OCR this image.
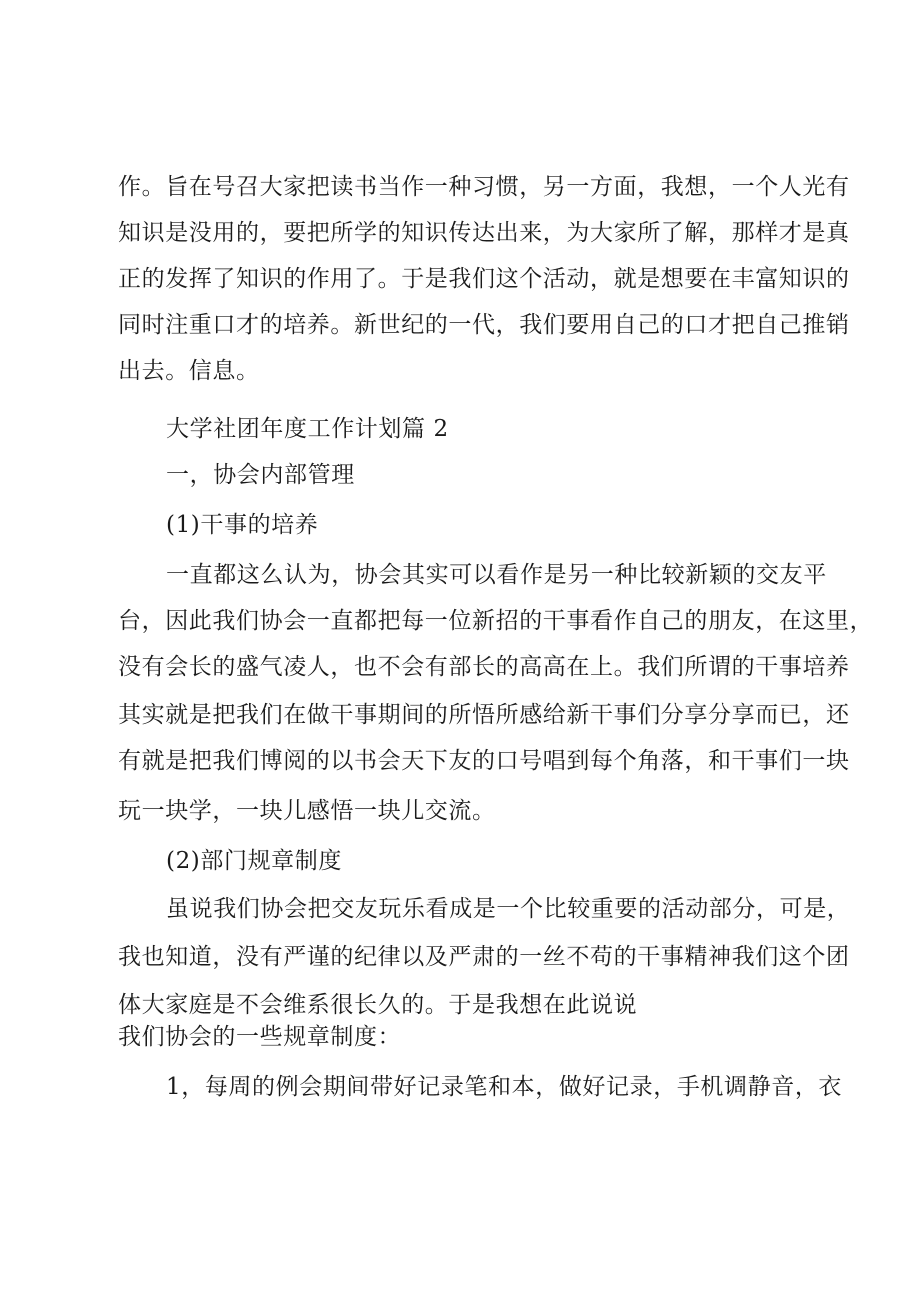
作。旨在号召大家把读书当作一种习惯，另一方面，我想，一个人光有
知识是没用的，要把所学的知识传达出来，为大家所了解，那样才是真
正的发挥了知识的作用了。于是我们这个活动，就是想要在丰富知识的
同时注重口才的培养。新世纪的一代，我们要用自己的口才把自己推销
出去。信息。
大学社团年度工作计划篇 2
一，协会内部管理
(1)干事的培养
一直都这么认为，协会其实可以看作是另一种比较新颖的交友平
台，因此我们协会一直都把每一位新招的干事看作自己的朋友，在这里，
没有会长的盛气凌人，也不会有部长的高高在上。我们所谓的干事培养
其实就是把我们在做干事期间的所悟所感给新干事们分享分享而已，还
有就是把我们博阅的以书会天下友的口号唱到每个角落，和干事们一块
玩一块学，一块儿感悟一块儿交流。
(2)部门规章制度
虽说我们协会把交友玩乐看成是一个比较重要的活动部分，可是，
我也知道，没有严谨的纪律以及严肃的一丝不苟的干事精神我们这个团
体大家庭是不会维系很长久的。于是我想在此说说
我们协会的一些规章制度：
1，每周的例会期间带好记录笔和本，做好记录，手机调静音，衣
